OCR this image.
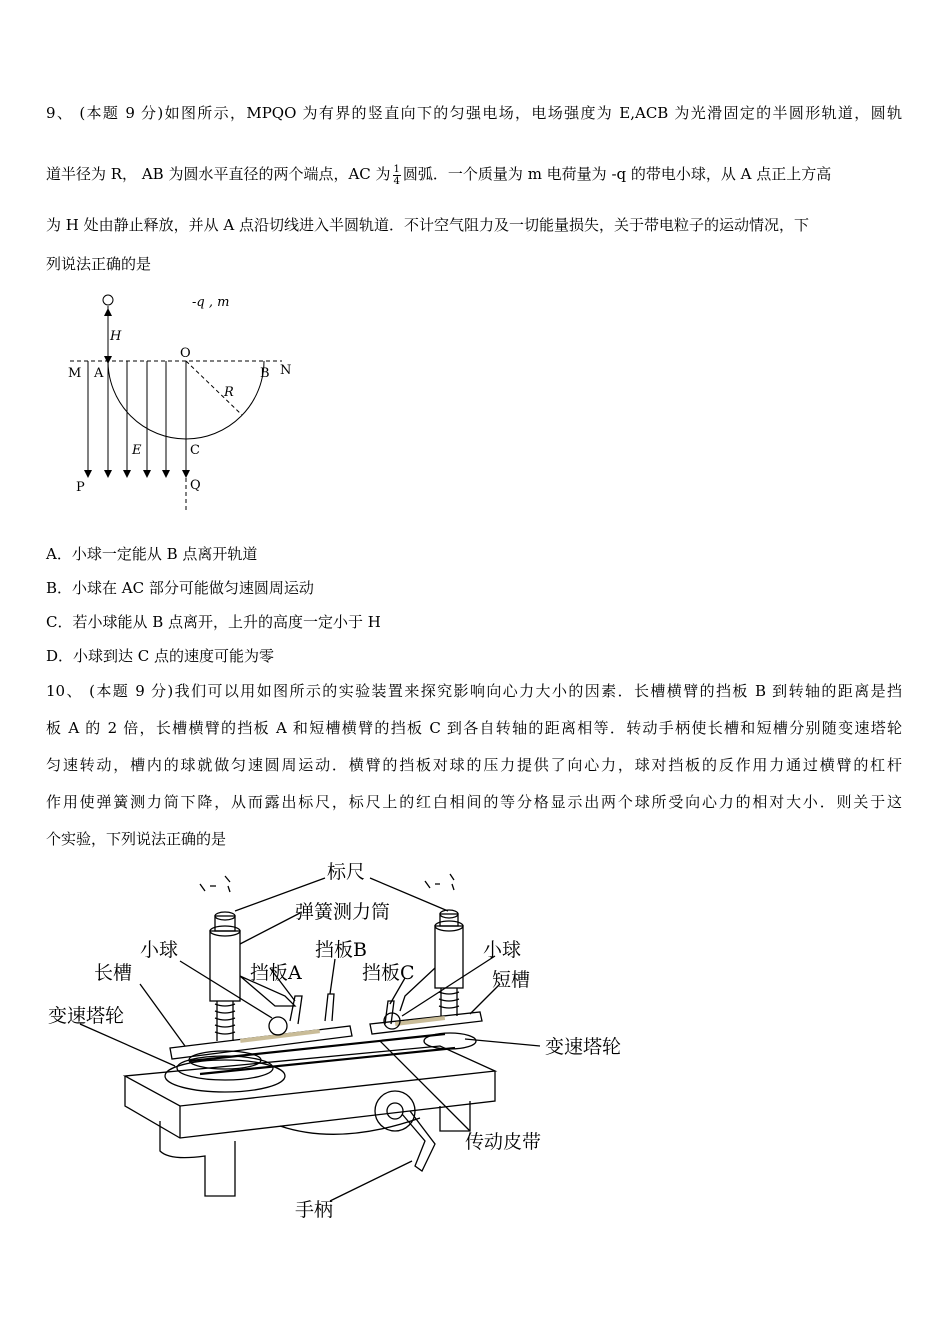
9、 (本题 9 分)如图所示，MPQO 为有界的竖直向下的匀强电场，电场强度为 E,ACB 为光滑固定的半圆形轨道，圆轨
道半径为 R， AB 为圆水平直径的两个端点，AC 为 $\frac{1}{4}$ 圆弧．一个质量为 m 电荷量为 -q 的带电小球，从 A 点正上方高
为 H 处由静止释放，并从 A 点沿切线进入半圆轨道．不计空气阻力及一切能量损失，关于带电粒子的运动情况，下
列说法正确的是
-q , m
H
M A
O
B N
R
E	C
P	Q
A．小球一定能从 B 点离开轨道
B．小球在 AC 部分可能做匀速圆周运动
C．若小球能从 B 点离开，上升的高度一定小于 H
D．小球到达 C 点的速度可能为零
10、 (本题 9 分)我们可以用如图所示的实验装置来探究影响向心力大小的因素．长槽横臂的挡板 B 到转轴的距离是挡
板 A 的 2 倍，长槽横臂的挡板 A 和短槽横臂的挡板 C 到各自转轴的距离相等．转动手柄使长槽和短槽分别随变速塔轮
匀速转动，槽内的球就做匀速圆周运动．横臂的挡板对球的压力提供了向心力，球对挡板的反作用力通过横臂的杠杆
作用使弹簧测力筒下降，从而露出标尺，标尺上的红白相间的等分格显示出两个球所受向心力的相对大小．则关于这
个实验，下列说法正确的是
标尺
弹簧测力筒
小球	挡板B	小球
长槽	挡板A	挡板C	短槽
变速塔轮
变速塔轮
传动皮带
手柄
